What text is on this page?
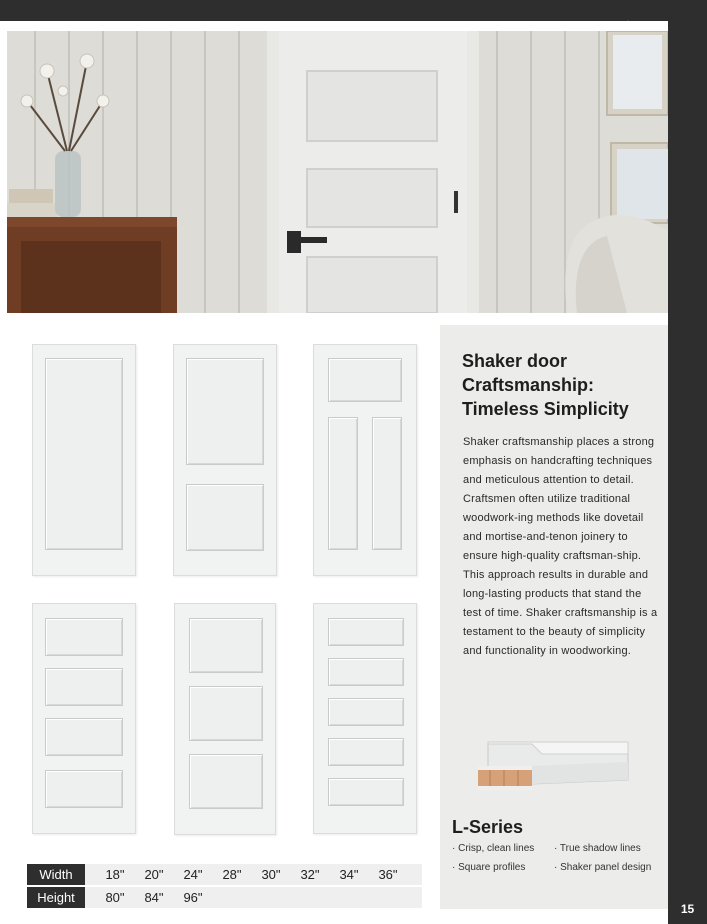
15
Shaker door
Craftsmanship:
Timeless Simplicity
Shaker craftsmanship places a strong emphasis on handcrafting techniques and meticulous attention to detail. Craftsmen often utilize traditional woodwork-ing methods like dovetail and mortise-and-tenon joinery to ensure high-quality craftsman-ship. This approach results in durable and long-lasting products that stand the test of time. Shaker craftsmanship is a testament to the beauty of simplicity and functionality in woodworking.
L-Series
· Crisp, clean lines · True shadow lines
· Square profiles	· Shaker panel design
Width	18"	20"	24"	28"	30"	32"	34"	36"
Height	80"	84"	96"
